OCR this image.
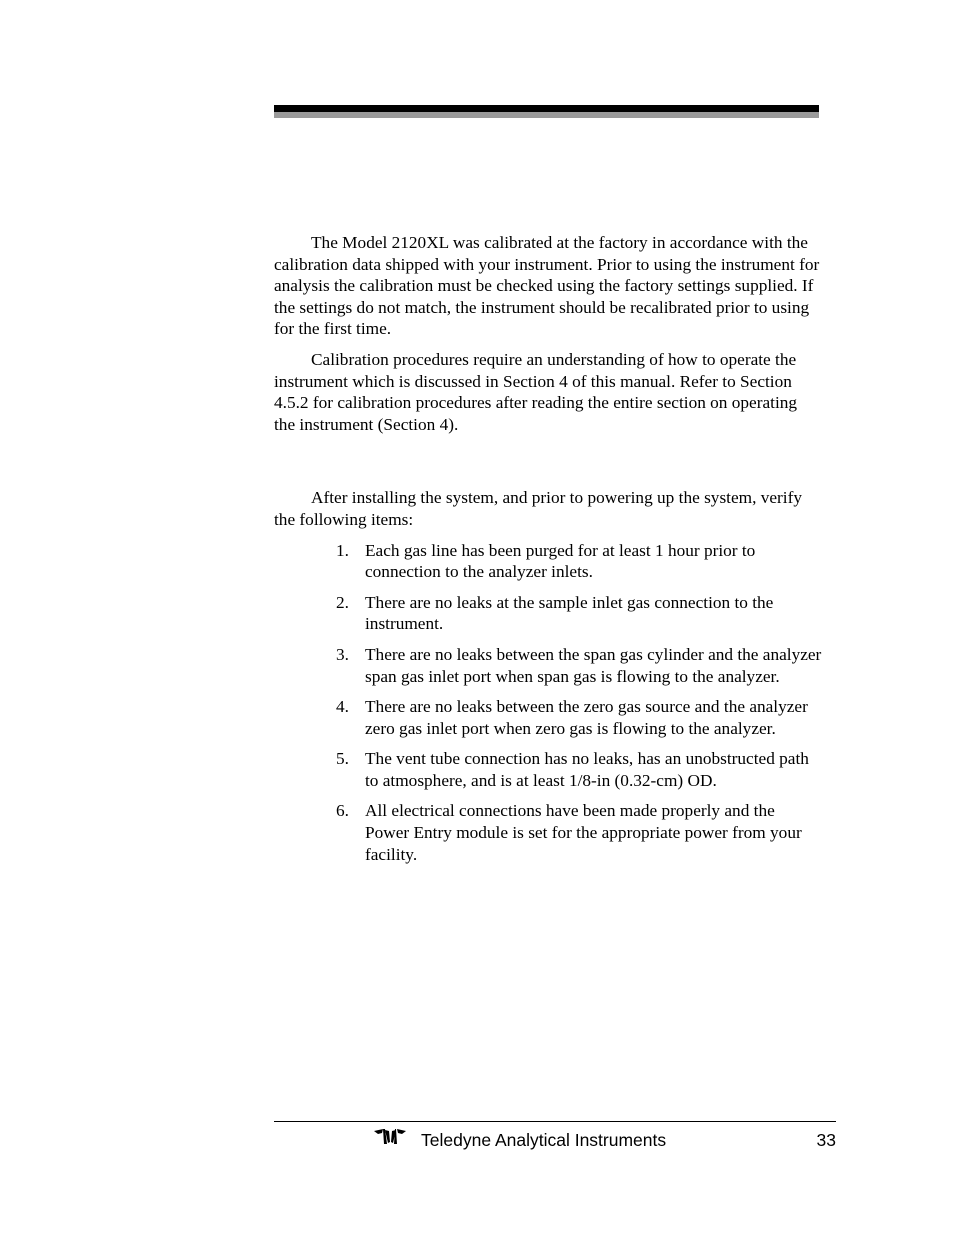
The Model 2120XL was calibrated at the factory in accordance with the calibration data shipped with your instrument. Prior to using the instrument for analysis the calibration must be checked using the factory settings supplied. If the settings do not match, the instrument should be recalibrated prior to using for the first time.

Calibration procedures require an understanding of how to operate the instrument which is discussed in Section 4 of this manual. Refer to Section 4.5.2 for calibration procedures after reading the entire section on operating the instrument (Section 4).

After installing the system, and prior to powering up the system, verify the following items:

1. Each gas line has been purged for at least 1 hour prior to connection to the analyzer inlets.
2. There are no leaks at the sample inlet gas connection to the instrument.
3. There are no leaks between the span gas cylinder and the analyzer span gas inlet port when span gas is flowing to the analyzer.
4. There are no leaks between the zero gas source and the analyzer zero gas inlet port when zero gas is flowing to the analyzer.
5. The vent tube connection has no leaks, has an unobstructed path to atmosphere, and is at least 1/8-in (0.32-cm) OD.
6. All electrical connections have been made properly and the Power Entry module is set for the appropriate power from your facility.
Teledyne Analytical Instruments	33
